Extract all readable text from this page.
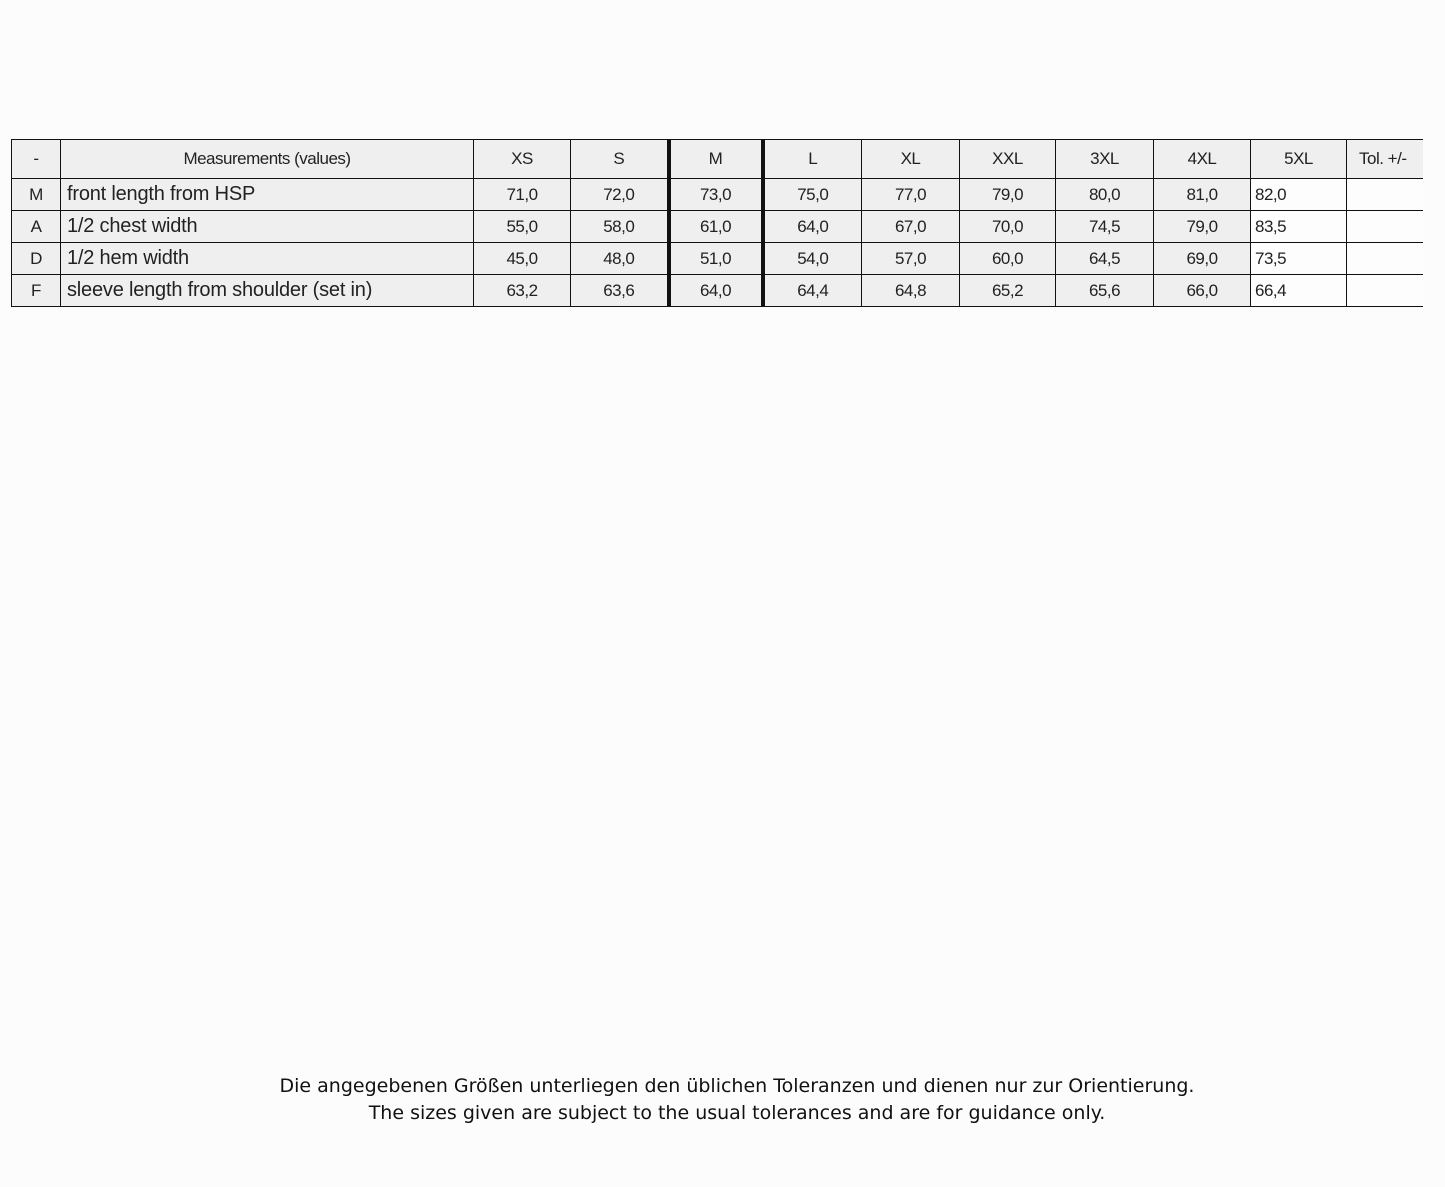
-	Measurements (values)	XS	S	M	L	XL	XXL	3XL	4XL	5XL	Tol. +/-
M	front length from HSP	71,0	72,0	73,0	75,0	77,0	79,0	80,0	81,0	82,0	
A	1/2 chest width	55,0	58,0	61,0	64,0	67,0	70,0	74,5	79,0	83,5	
D	1/2 hem width	45,0	48,0	51,0	54,0	57,0	60,0	64,5	69,0	73,5	
F	sleeve length from shoulder (set in)	63,2	63,6	64,0	64,4	64,8	65,2	65,6	66,0	66,4	
Die angegebenen Größen unterliegen den üblichen Toleranzen und dienen nur zur Orientierung.
The sizes given are subject to the usual tolerances and are for guidance only.
